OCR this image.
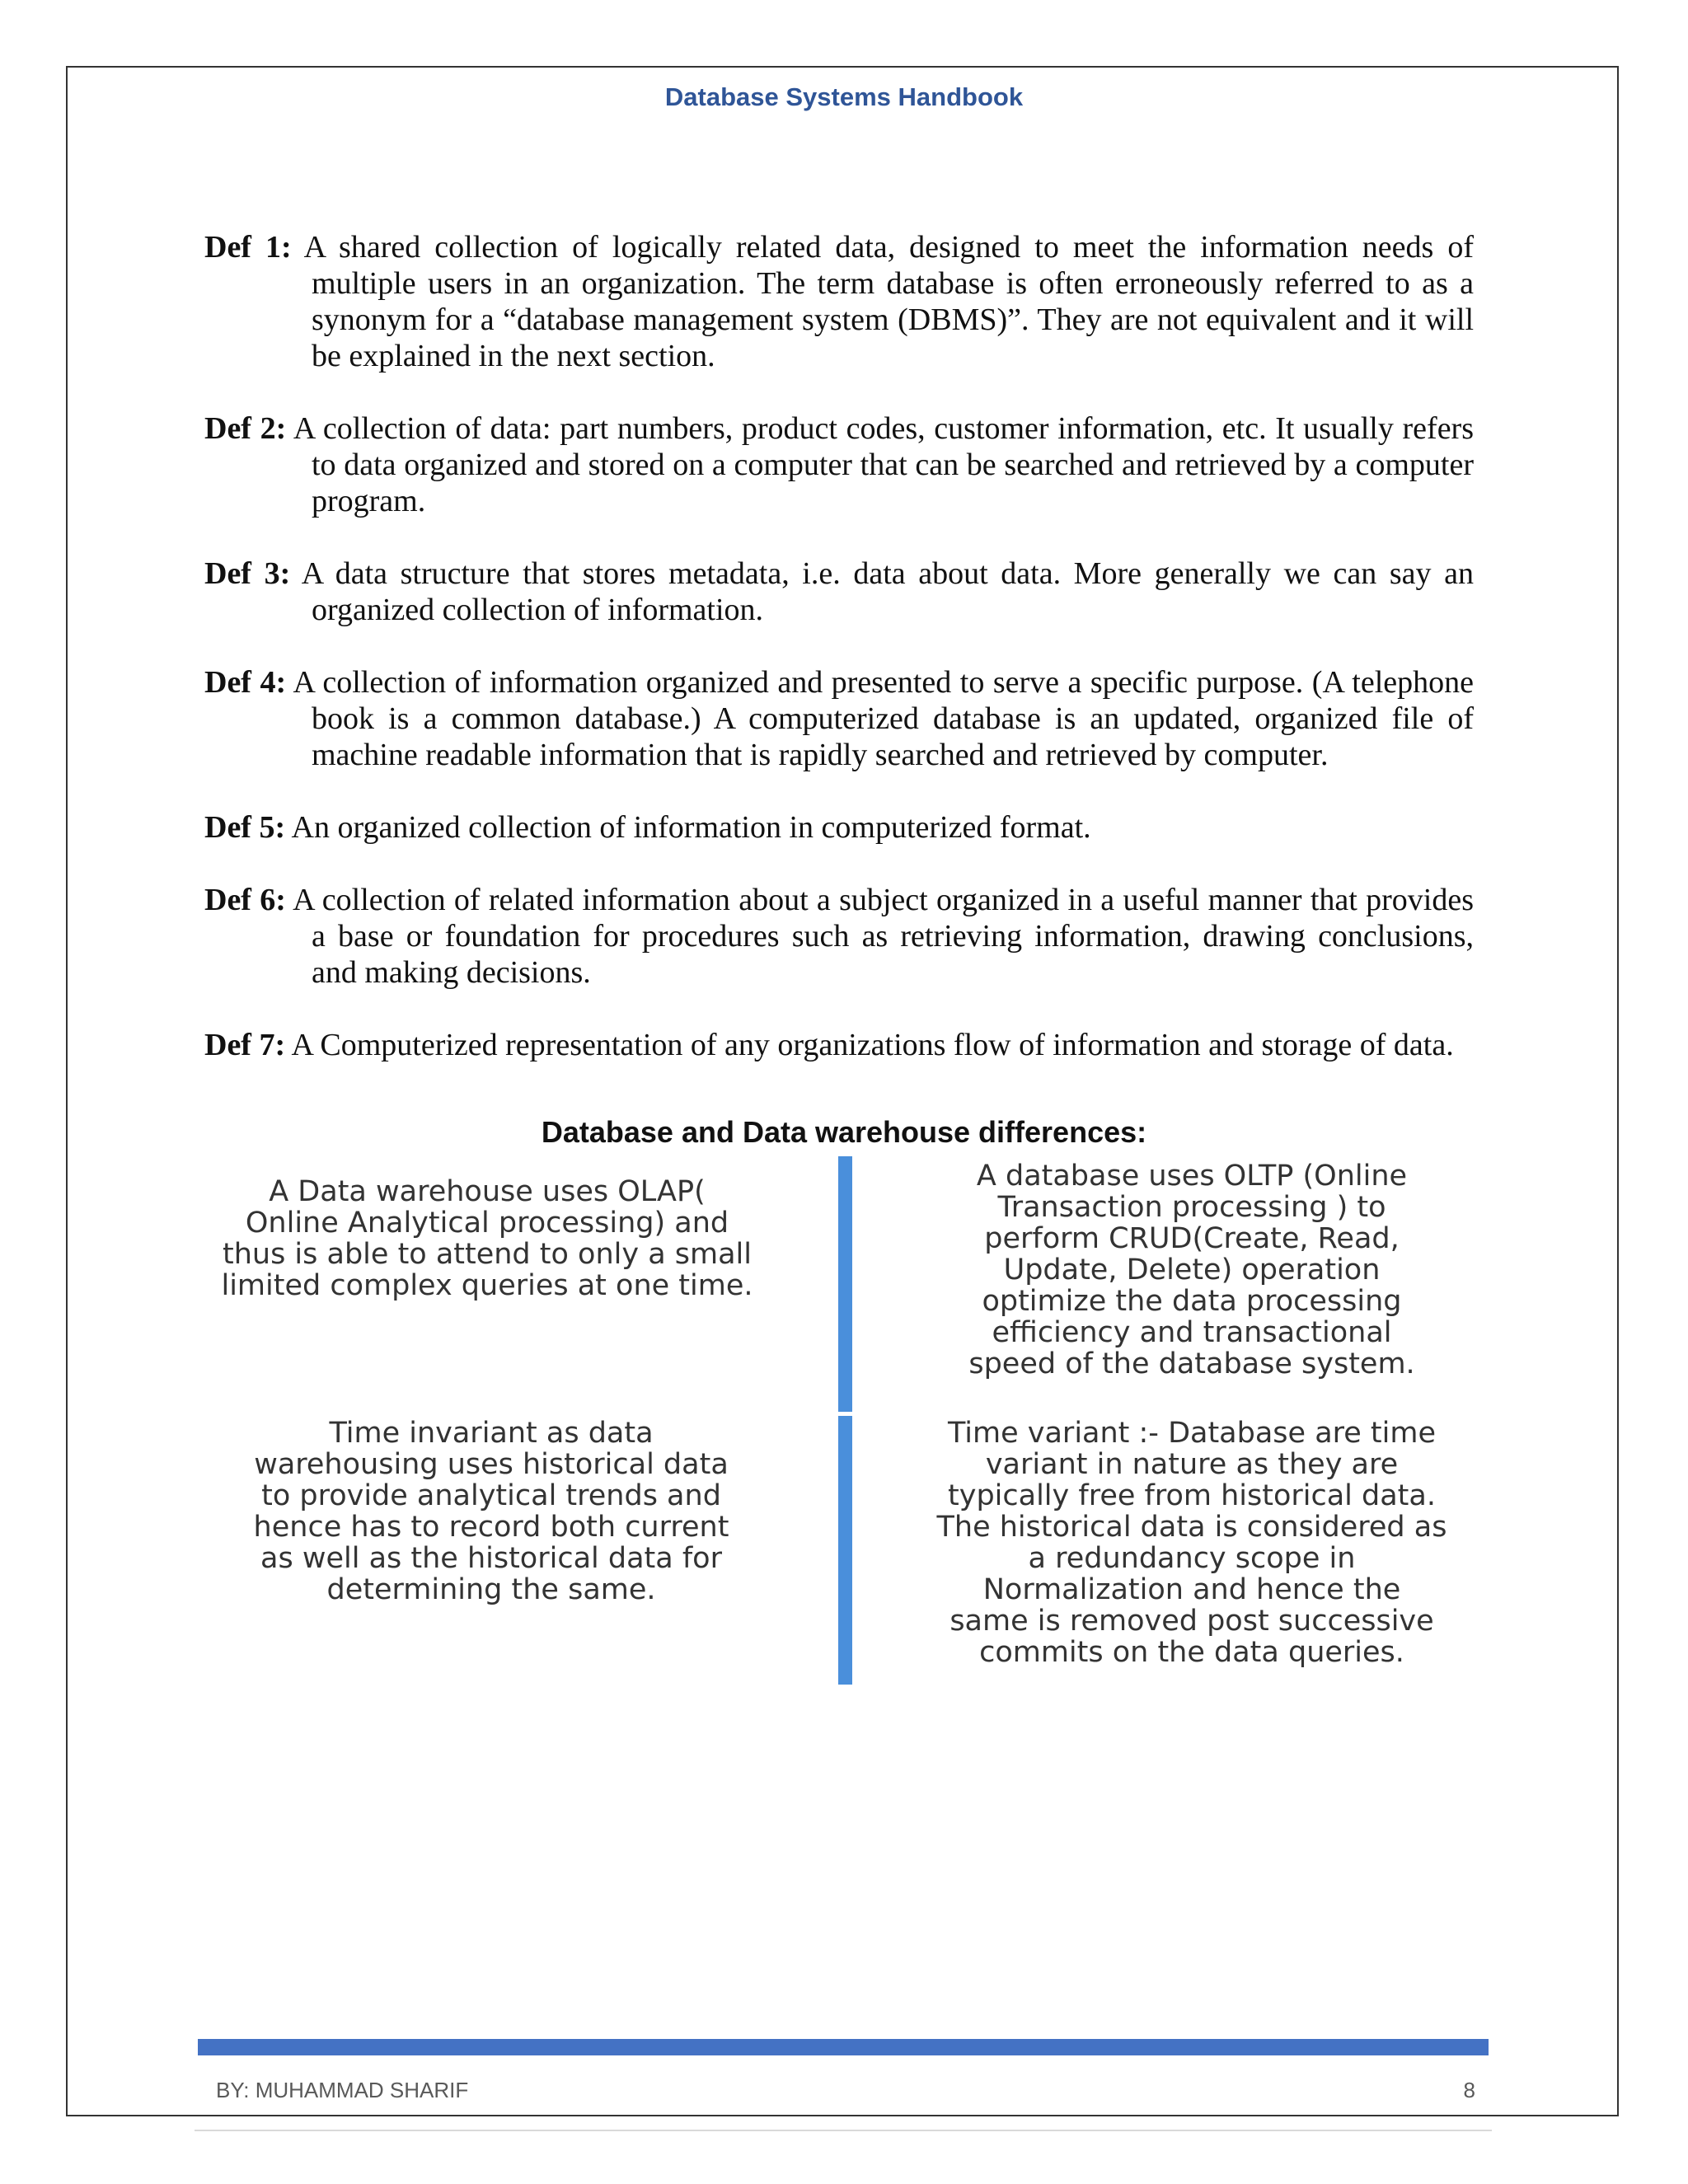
Database Systems Handbook

Def 1: A shared collection of logically related data, designed to meet the information needs of multiple users in an organization. The term database is often erroneously referred to as a synonym for a “database management system (DBMS)”. They are not equivalent and it will be explained in the next section.

Def 2: A collection of data: part numbers, product codes, customer information, etc. It usually refers to data organized and stored on a computer that can be searched and retrieved by a computer program.

Def 3: A data structure that stores metadata, i.e. data about data. More generally we can say an organized collection of information.

Def 4: A collection of information organized and presented to serve a specific purpose. (A telephone book is a common database.) A computerized database is an updated, organized file of machine readable information that is rapidly searched and retrieved by computer.

Def 5: An organized collection of information in computerized format.

Def 6: A collection of related information about a subject organized in a useful manner that provides a base or foundation for procedures such as retrieving information, drawing conclusions, and making decisions.

Def 7: A Computerized representation of any organizations flow of information and storage of data.

Database and Data warehouse differences:
A Data warehouse uses OLAP(
Online Analytical processing) and
thus is able to attend to only a small
limited complex queries at one time.
A database uses OLTP (Online
Transaction processing ) to
perform CRUD(Create, Read,
Update, Delete) operation
optimize the data processing
efficiency and transactional
speed of the database system.
Time invariant as data
warehousing uses historical data
to provide analytical trends and
hence has to record both current
as well as the historical data for
determining the same.
Time variant :- Database are time
variant in nature as they are
typically free from historical data.
The historical data is considered as
a redundancy scope in
Normalization and hence the
same is removed post successive
commits on the data queries.
BY: MUHAMMAD SHARIF	8
